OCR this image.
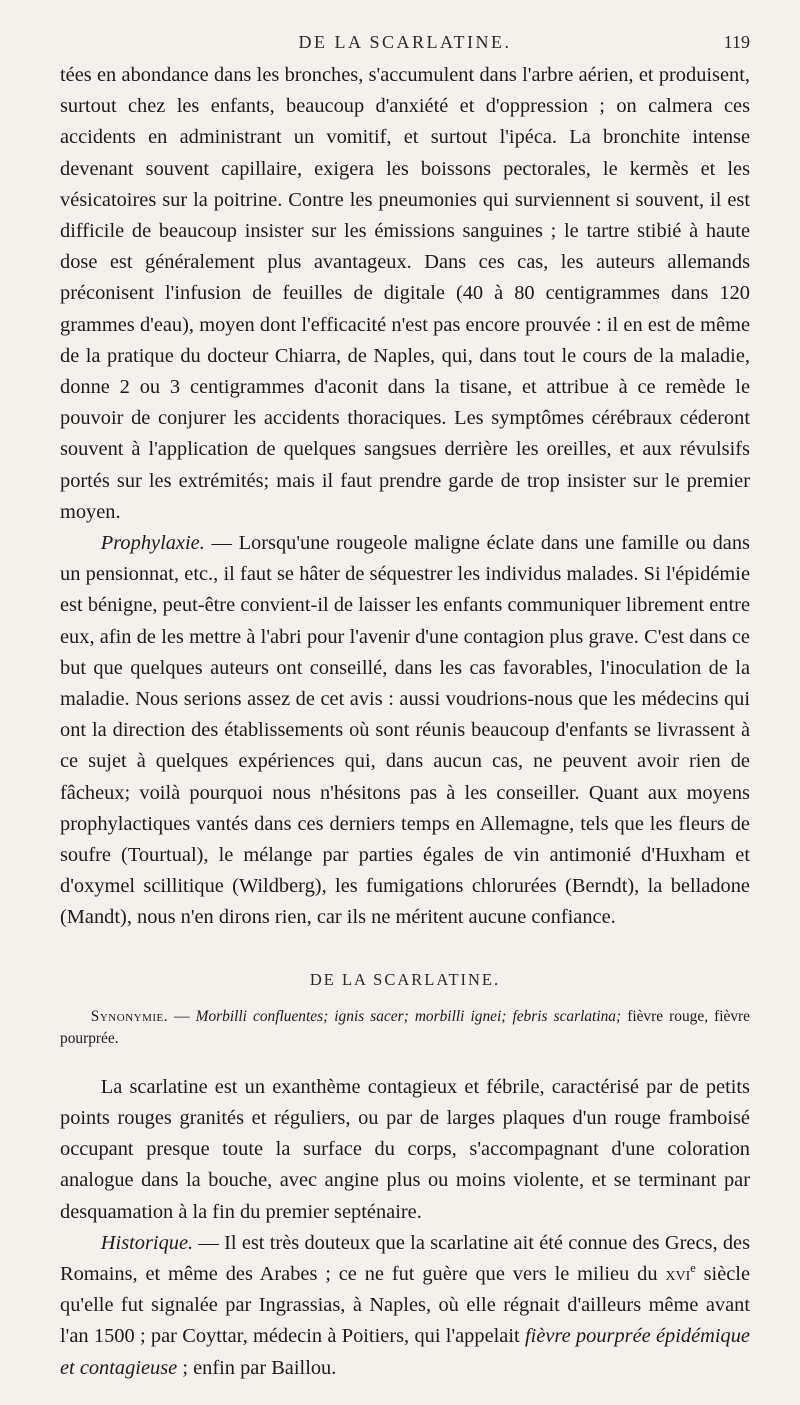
DE LA SCARLATINE.	119

tées en abondance dans les bronches, s'accumulent dans l'arbre aérien, et produisent, surtout chez les enfants, beaucoup d'anxiété et d'oppression ; on calmera ces accidents en administrant un vomitif, et surtout l'ipéca. La bronchite intense devenant souvent capillaire, exigera les boissons pectorales, le kermès et les vésicatoires sur la poitrine. Contre les pneumonies qui surviennent si souvent, il est difficile de beaucoup insister sur les émissions sanguines ; le tartre stibié à haute dose est généralement plus avantageux. Dans ces cas, les auteurs allemands préconisent l'infusion de feuilles de digitale (40 à 80 centigrammes dans 120 grammes d'eau), moyen dont l'efficacité n'est pas encore prouvée : il en est de même de la pratique du docteur Chiarra, de Naples, qui, dans tout le cours de la maladie, donne 2 ou 3 centigrammes d'aconit dans la tisane, et attribue à ce remède le pouvoir de conjurer les accidents thoraciques. Les symptômes cérébraux céderont souvent à l'application de quelques sangsues derrière les oreilles, et aux révulsifs portés sur les extrémités; mais il faut prendre garde de trop insister sur le premier moyen.

Prophylaxie. — Lorsqu'une rougeole maligne éclate dans une famille ou dans un pensionnat, etc., il faut se hâter de séquestrer les individus malades. Si l'épidémie est bénigne, peut-être convient-il de laisser les enfants communiquer librement entre eux, afin de les mettre à l'abri pour l'avenir d'une contagion plus grave. C'est dans ce but que quelques auteurs ont conseillé, dans les cas favorables, l'inoculation de la maladie. Nous serions assez de cet avis : aussi voudrions-nous que les médecins qui ont la direction des établissements où sont réunis beaucoup d'enfants se livrassent à ce sujet à quelques expériences qui, dans aucun cas, ne peuvent avoir rien de fâcheux; voilà pourquoi nous n'hésitons pas à les conseiller. Quant aux moyens prophylactiques vantés dans ces derniers temps en Allemagne, tels que les fleurs de soufre (Tourtual), le mélange par parties égales de vin antimonié d'Huxham et d'oxymel scillitique (Wildberg), les fumigations chlorurées (Berndt), la belladone (Mandt), nous n'en dirons rien, car ils ne méritent aucune confiance.

DE LA SCARLATINE.

Synonymie. — Morbilli confluentes; ignis sacer; morbilli ignei; febris scarlatina; fièvre rouge, fièvre pourprée.

La scarlatine est un exanthème contagieux et fébrile, caractérisé par de petits points rouges granités et réguliers, ou par de larges plaques d'un rouge framboisé occupant presque toute la surface du corps, s'accompagnant d'une coloration analogue dans la bouche, avec angine plus ou moins violente, et se terminant par desquamation à la fin du premier septénaire.

Historique. — Il est très douteux que la scarlatine ait été connue des Grecs, des Romains, et même des Arabes ; ce ne fut guère que vers le milieu du xvi$^e$ siècle qu'elle fut signalée par Ingrassias, à Naples, où elle régnait d'ailleurs même avant l'an 1500 ; par Coyttar, médecin à Poitiers, qui l'appelait fièvre pourprée épidémique et contagieuse ; enfin par Baillou.
